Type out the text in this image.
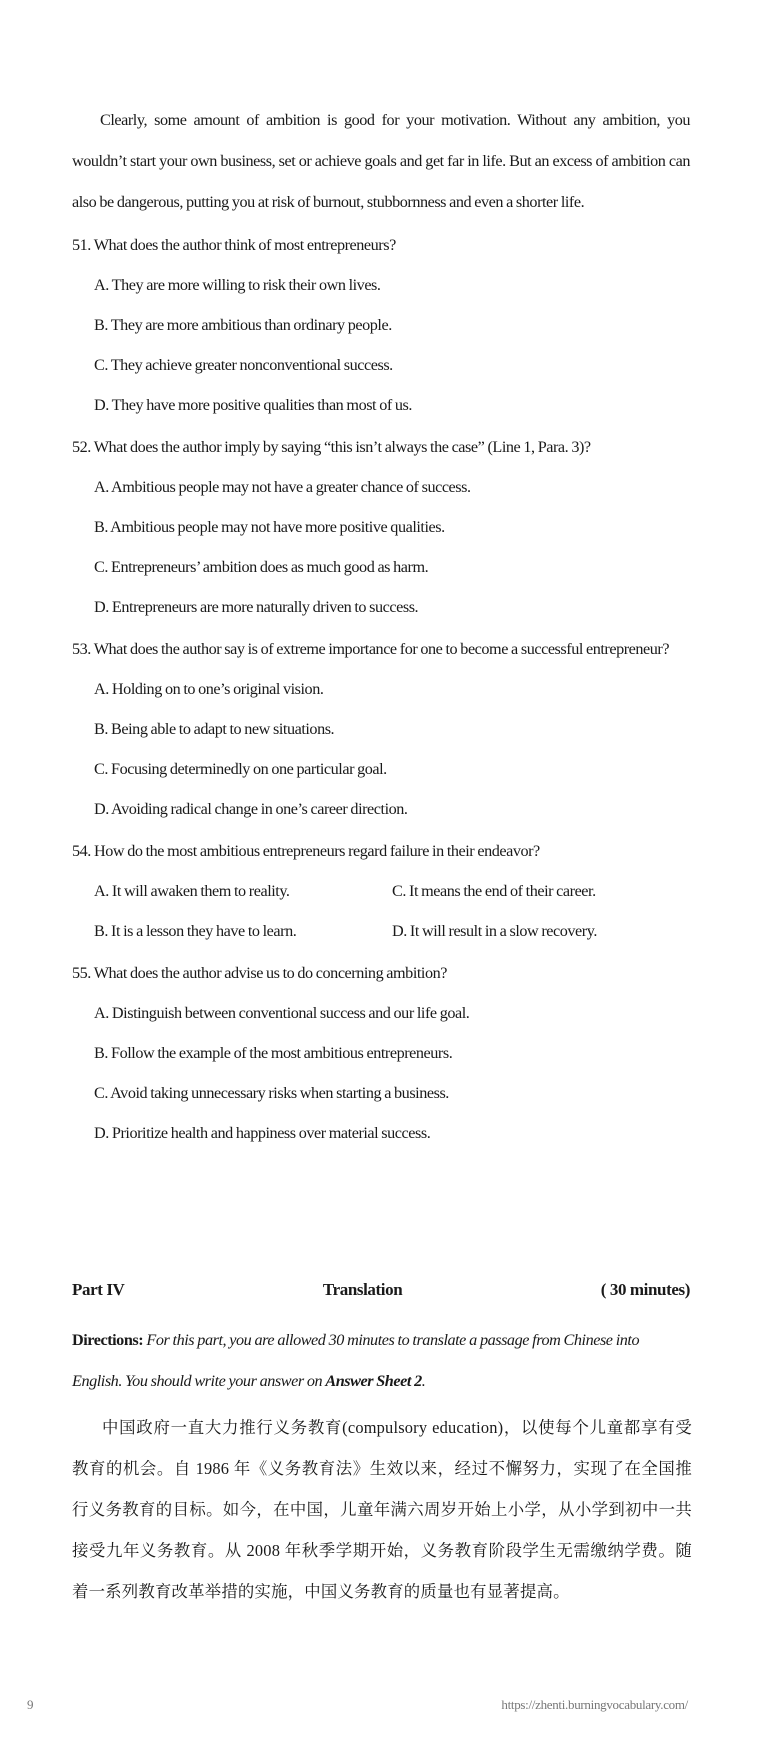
Clearly, some amount of ambition is good for your motivation. Without any ambition, you wouldn’t start your own business, set or achieve goals and get far in life. But an excess of ambition can also be dangerous, putting you at risk of burnout, stubbornness and even a shorter life.

51. What does the author think of most entrepreneurs?
A. They are more willing to risk their own lives.
B. They are more ambitious than ordinary people.
C. They achieve greater nonconventional success.
D. They have more positive qualities than most of us.
52. What does the author imply by saying “this isn’t always the case” (Line 1, Para. 3)?
A. Ambitious people may not have a greater chance of success.
B. Ambitious people may not have more positive qualities.
C. Entrepreneurs’ ambition does as much good as harm.
D. Entrepreneurs are more naturally driven to success.
53. What does the author say is of extreme importance for one to become a successful entrepreneur?
A. Holding on to one’s original vision.
B. Being able to adapt to new situations.
C. Focusing determinedly on one particular goal.
D. Avoiding radical change in one’s career direction.
54. How do the most ambitious entrepreneurs regard failure in their endeavor?
A. It will awaken them to reality.	C. It means the end of their career.
B. It is a lesson they have to learn.	D. It will result in a slow recovery.
55. What does the author advise us to do concerning ambition?
A. Distinguish between conventional success and our life goal.
B. Follow the example of the most ambitious entrepreneurs.
C. Avoid taking unnecessary risks when starting a business.
D. Prioritize health and happiness over material success.
Part IV	Translation	( 30 minutes)
Directions: For this part, you are allowed 30 minutes to translate a passage from Chinese into English. You should write your answer on Answer Sheet 2.

中国政府一直大力推行义务教育(compulsory education)，以使每个儿童都享有受教育的机会。自 1986 年《义务教育法》生效以来，经过不懈努力，实现了在全国推行义务教育的目标。如今，在中国，儿童年满六周岁开始上小学，从小学到初中一共接受九年义务教育。从 2008 年秋季学期开始，义务教育阶段学生无需缴纳学费。随着一系列教育改革举措的实施，中国义务教育的质量也有显著提高。

9	https://zhenti.burningvocabulary.com/
